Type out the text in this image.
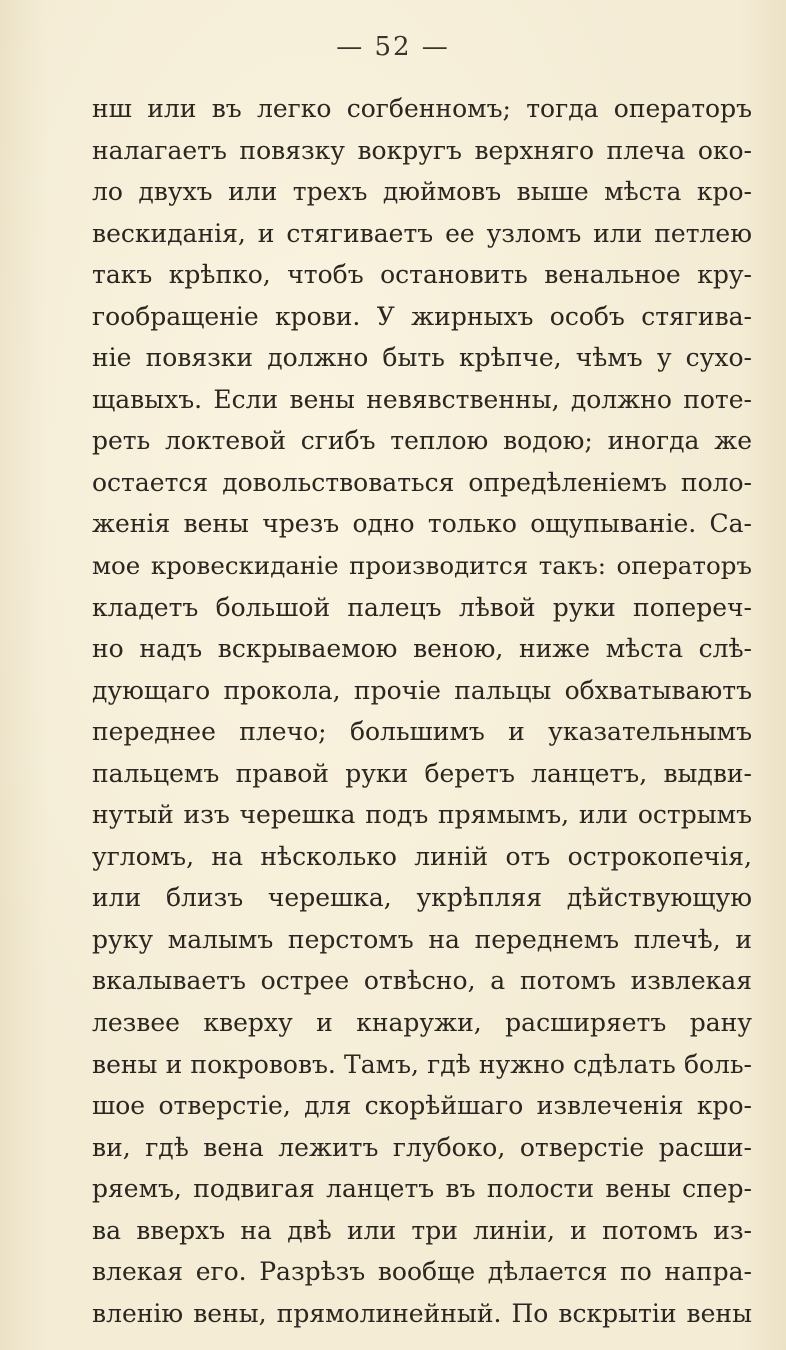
— 52 —
нш или въ легко согбенномъ; тогда операторъ
налагаетъ повязку вокругъ верхняго плеча око-
ло двухъ или трехъ дюймовъ выше мѣста кро-
вескиданія, и стягиваетъ ее узломъ или петлею
такъ крѣпко, чтобъ остановить венальное кру-
гообращеніе крови. У жирныхъ особъ стягива-
ніе повязки должно быть крѣпче, чѣмъ у сухо-
щавыхъ. Если вены невявственны, должно поте-
реть локтевой сгибъ теплою водою; иногда же
остается довольствоваться опредѣленіемъ поло-
женія вены чрезъ одно только ощупываніе. Са-
мое кровескиданіе производится такъ: операторъ
кладетъ большой палецъ лѣвой руки попереч-
но надъ вскрываемою веною, ниже мѣста слѣ-
дующаго прокола, прочіе пальцы обхватываютъ
переднее плечо; большимъ и указательнымъ
пальцемъ правой руки беретъ ланцетъ, выдви-
нутый изъ черешка подъ прямымъ, или острымъ
угломъ, на нѣсколько линій отъ острокопечія,
или близъ черешка, укрѣпляя дѣйствующую
руку малымъ перстомъ на переднемъ плечѣ, и
вкалываетъ острее отвѣсно, а потомъ извлекая
лезвее кверху и кнаружи, расширяетъ рану
вены и покрововъ. Тамъ, гдѣ нужно сдѣлать боль-
шое отверстіе, для скорѣйшаго извлеченія кро-
ви, гдѣ вена лежитъ глубоко, отверстіе расши-
ряемъ, подвигая ланцетъ въ полости вены спер-
ва вверхъ на двѣ или три линіи, и потомъ из-
влекая его. Разрѣзъ вообще дѣлается по напра-
вленію вены, прямолинейный. По вскрытіи вены
